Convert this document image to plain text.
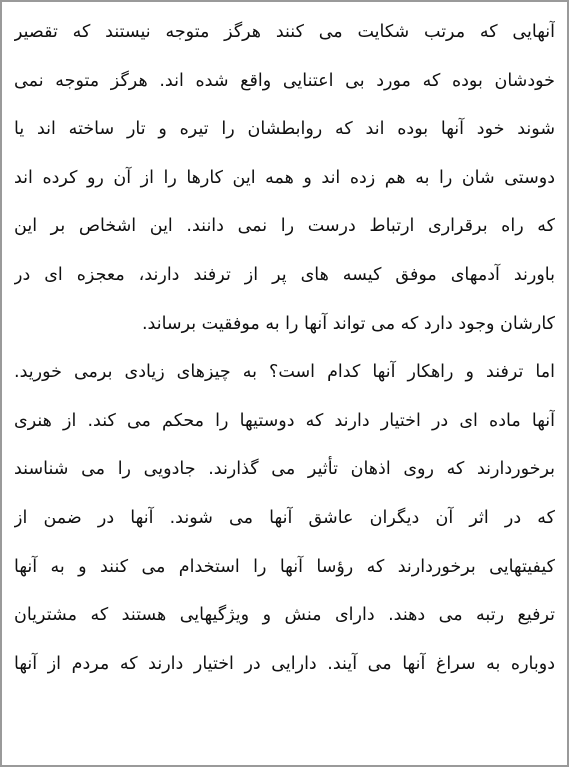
آنهایی که مرتب شکایت می کنند هرگز متوجه نیستند که تقصیر
خودشان بوده که مورد بی اعتنایی واقع شده اند. هرگز متوجه نمی
شوند خود آنها بوده اند که روابطشان را تیره و تار ساخته اند یا
دوستی شان را به هم زده اند و همه این کارها را از آن رو کرده اند
که راه برقراری ارتباط درست را نمی دانند. این اشخاص بر این
باورند آدمهای موفق کیسه های پر از ترفند دارند، معجزه ای در
کارشان وجود دارد که می تواند آنها را به موفقیت برساند.
اما ترفند و راهکار آنها کدام است؟ به چیزهای زیادی برمی خورید.
آنها ماده ای در اختیار دارند که دوستیها را محکم می کند. از هنری
برخوردارند که روی اذهان تأثیر می گذارند. جادویی را می شناسند
که در اثر آن دیگران عاشق آنها می شوند. آنها در ضمن از
کیفیتهایی برخوردارند که رؤسا آنها را استخدام می کنند و به آنها
ترفیع رتبه می دهند. دارای منش و ویژگیهایی هستند که مشتریان
دوباره به سراغ آنها می آیند. دارایی در اختیار دارند که مردم از آنها
